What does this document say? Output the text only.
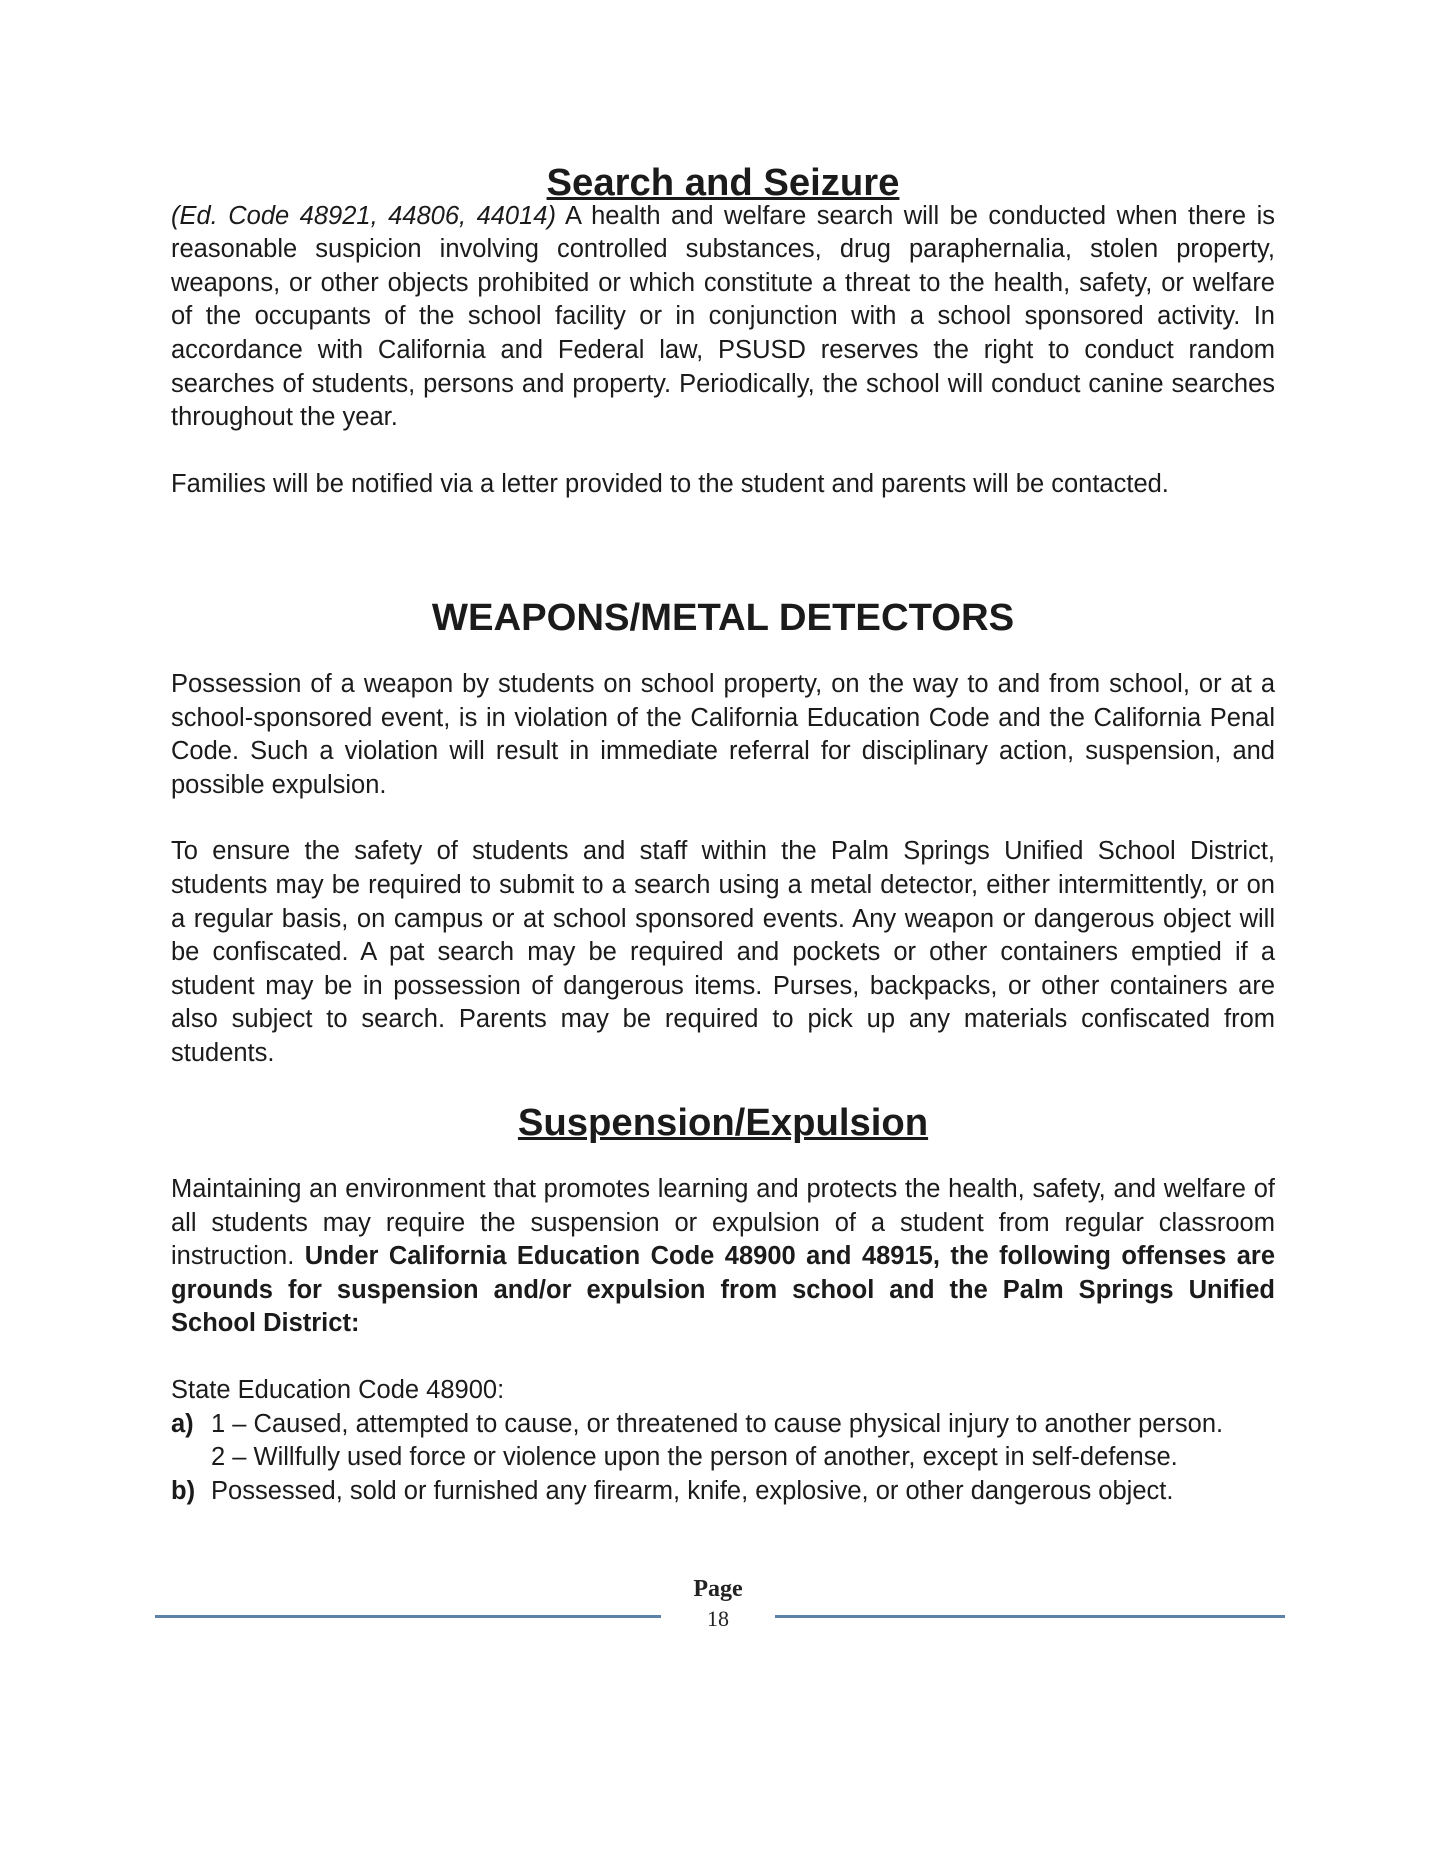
Search and Seizure

(Ed. Code 48921, 44806, 44014) A health and welfare search will be conducted when there is reasonable suspicion involving controlled substances, drug paraphernalia, stolen property, weapons, or other objects prohibited or which constitute a threat to the health, safety, or welfare of the occupants of the school facility or in conjunction with a school sponsored activity. In accordance with California and Federal law, PSUSD reserves the right to conduct random searches of students, persons and property. Periodically, the school will conduct canine searches throughout the year.

Families will be notified via a letter provided to the student and parents will be contacted.

WEAPONS/METAL DETECTORS

Possession of a weapon by students on school property, on the way to and from school, or at a school-sponsored event, is in violation of the California Education Code and the California Penal Code. Such a violation will result in immediate referral for disciplinary action, suspension, and possible expulsion.

To ensure the safety of students and staff within the Palm Springs Unified School District, students may be required to submit to a search using a metal detector, either intermittently, or on a regular basis, on campus or at school sponsored events. Any weapon or dangerous object will be confiscated. A pat search may be required and pockets or other containers emptied if a student may be in possession of dangerous items. Purses, backpacks, or other containers are also subject to search. Parents may be required to pick up any materials confiscated from students.

Suspension/Expulsion

Maintaining an environment that promotes learning and protects the health, safety, and welfare of all students may require the suspension or expulsion of a student from regular classroom instruction. Under California Education Code 48900 and 48915, the following offenses are grounds for suspension and/or expulsion from school and the Palm Springs Unified School District:

State Education Code 48900:
a) 1 – Caused, attempted to cause, or threatened to cause physical injury to another person.
2 – Willfully used force or violence upon the person of another, except in self-defense.
b) Possessed, sold or furnished any firearm, knife, explosive, or other dangerous object.
Page
18
